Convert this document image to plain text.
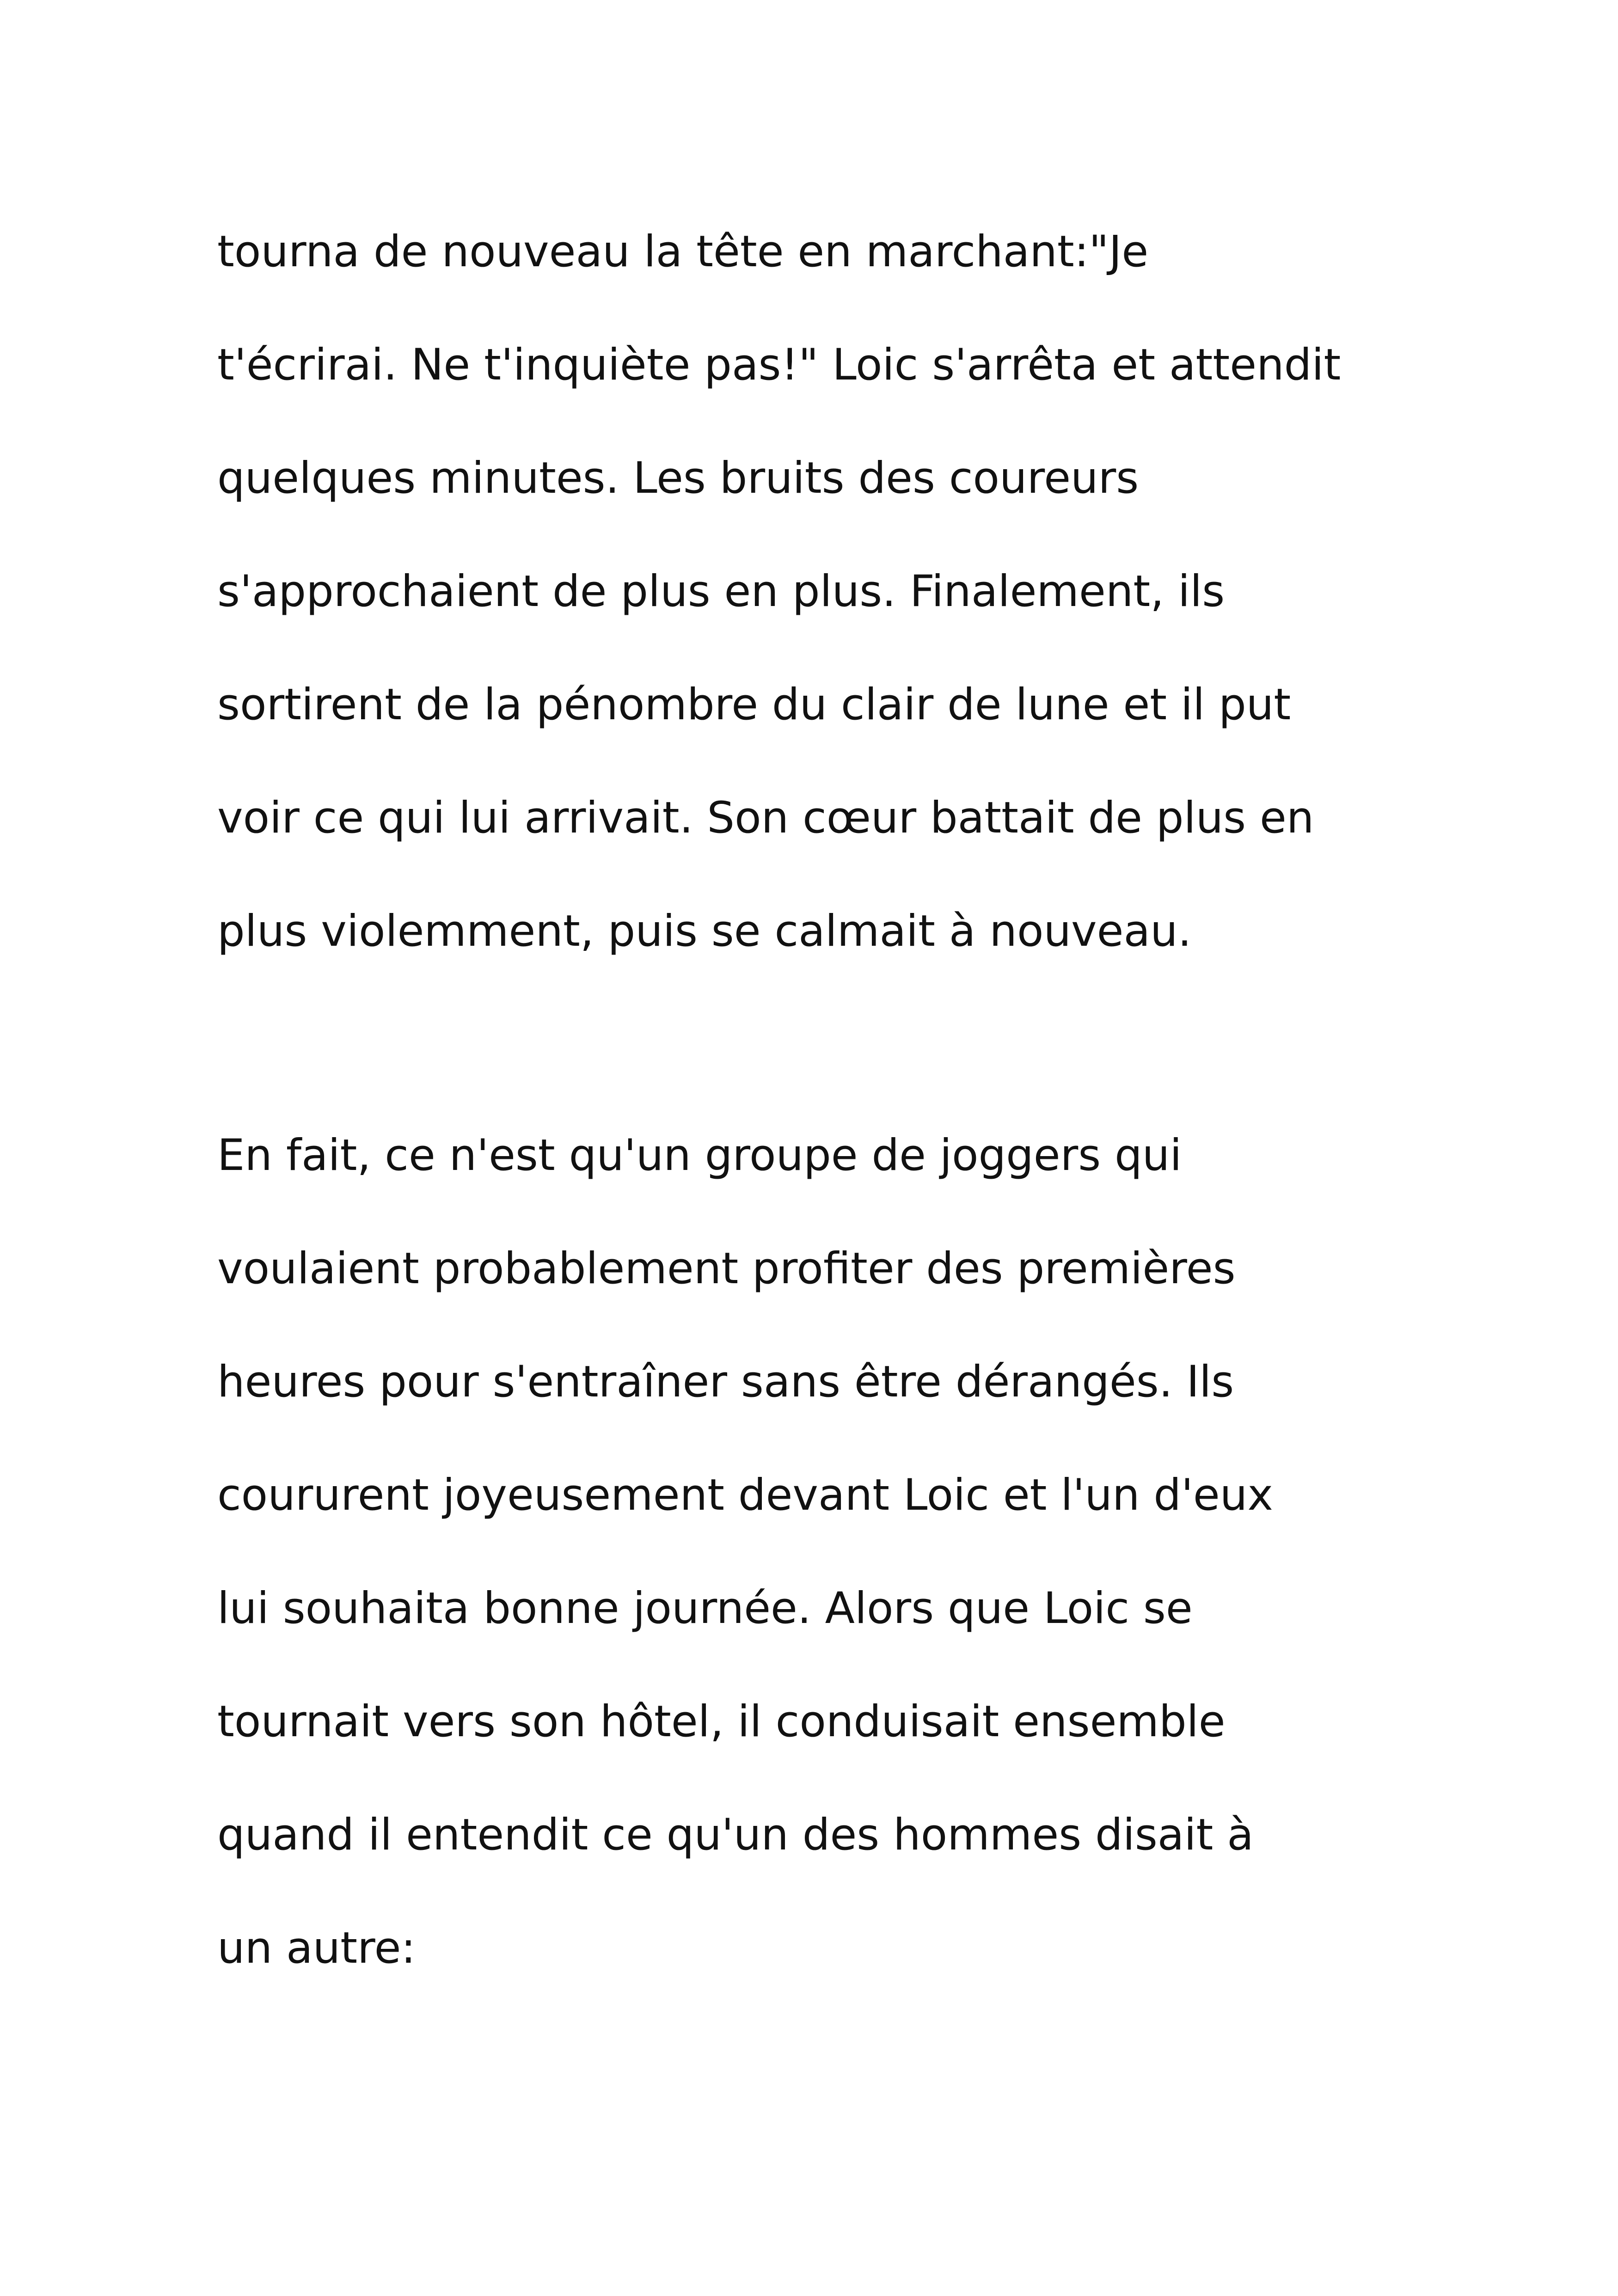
tourna de nouveau la tête en marchant:"Je
t'écrirai. Ne t'inquiète pas!" Loic s'arrêta et attendit
quelques minutes. Les bruits des coureurs
s'approchaient de plus en plus. Finalement, ils
sortirent de la pénombre du clair de lune et il put
voir ce qui lui arrivait. Son cœur battait de plus en
plus violemment, puis se calmait à nouveau.
En fait, ce n'est qu'un groupe de joggers qui
voulaient probablement profiter des premières
heures pour s'entraîner sans être dérangés. Ils
coururent joyeusement devant Loic et l'un d'eux
lui souhaita bonne journée. Alors que Loic se
tournait vers son hôtel, il conduisait ensemble
quand il entendit ce qu'un des hommes disait à
un autre:
